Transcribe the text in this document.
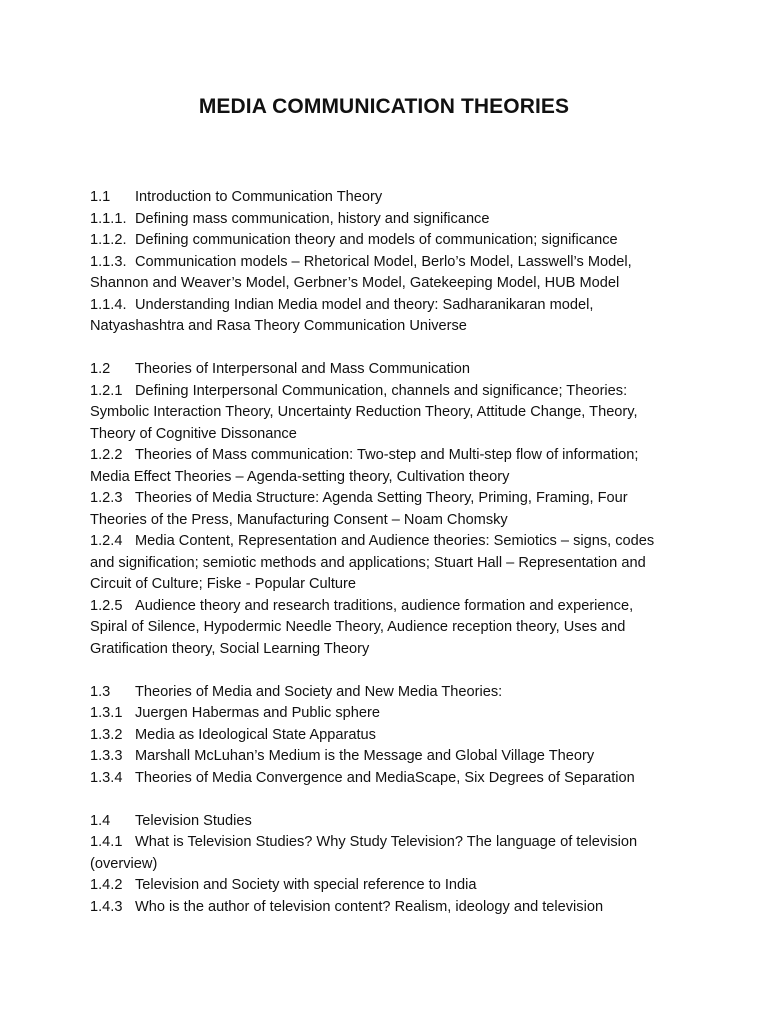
MEDIA COMMUNICATION THEORIES
1.1 Introduction to Communication Theory
1.1.1. Defining mass communication, history and significance
1.1.2. Defining communication theory and models of communication; significance
1.1.3. Communication models – Rhetorical Model, Berlo’s Model, Lasswell’s Model,
Shannon and Weaver’s Model, Gerbner’s Model, Gatekeeping Model, HUB Model
1.1.4. Understanding Indian Media model and theory: Sadharanikaran model,
Natyashashtra and Rasa Theory Communication Universe
1.2 Theories of Interpersonal and Mass Communication
1.2.1 Defining Interpersonal Communication, channels and significance; Theories:
Symbolic Interaction Theory, Uncertainty Reduction Theory, Attitude Change, Theory,
Theory of Cognitive Dissonance
1.2.2 Theories of Mass communication: Two-step and Multi-step flow of information;
Media Effect Theories – Agenda-setting theory, Cultivation theory
1.2.3 Theories of Media Structure: Agenda Setting Theory, Priming, Framing, Four
Theories of the Press, Manufacturing Consent – Noam Chomsky
1.2.4 Media Content, Representation and Audience theories: Semiotics – signs, codes
and signification; semiotic methods and applications; Stuart Hall – Representation and
Circuit of Culture; Fiske - Popular Culture
1.2.5 Audience theory and research traditions, audience formation and experience,
Spiral of Silence, Hypodermic Needle Theory, Audience reception theory, Uses and
Gratification theory, Social Learning Theory
1.3 Theories of Media and Society and New Media Theories:
1.3.1 Juergen Habermas and Public sphere
1.3.2 Media as Ideological State Apparatus
1.3.3 Marshall McLuhan’s Medium is the Message and Global Village Theory
1.3.4 Theories of Media Convergence and MediaScape, Six Degrees of Separation
1.4 Television Studies
1.4.1 What is Television Studies? Why Study Television? The language of television
(overview)
1.4.2 Television and Society with special reference to India
1.4.3 Who is the author of television content? Realism, ideology and television
